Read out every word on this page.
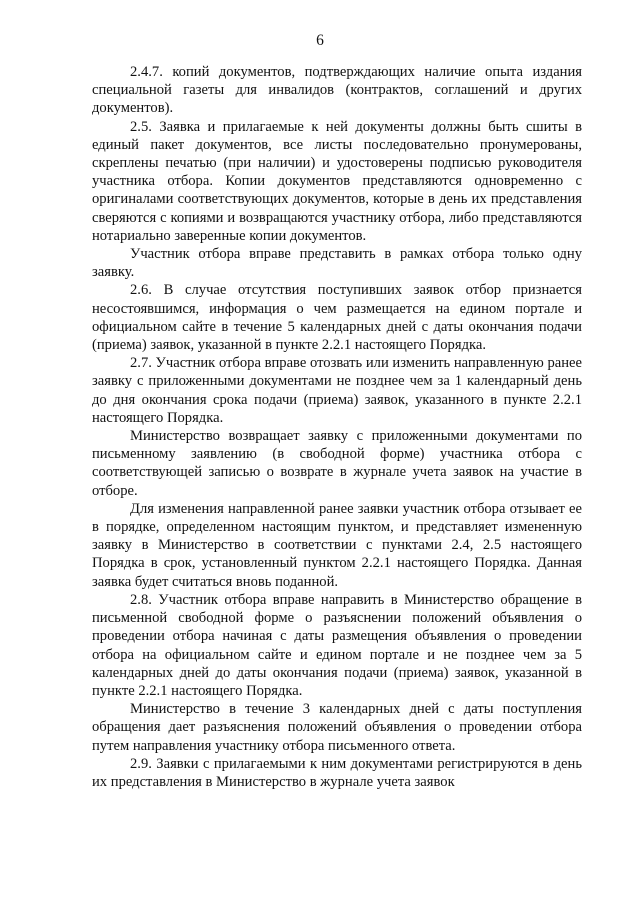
6

2.4.7. копий документов, подтверждающих наличие опыта издания специальной газеты для инвалидов (контрактов, соглашений и других документов).

2.5. Заявка и прилагаемые к ней документы должны быть сшиты в единый пакет документов, все листы последовательно пронумерованы, скреплены печатью (при наличии) и удостоверены подписью руководителя участника отбора. Копии документов представляются одновременно с оригиналами соответствующих документов, которые в день их представления сверяются с копиями и возвращаются участнику отбора, либо представляются нотариально заверенные копии документов.

Участник отбора вправе представить в рамках отбора только одну заявку.

2.6. В случае отсутствия поступивших заявок отбор признается несостоявшимся, информация о чем размещается на едином портале и официальном сайте в течение 5 календарных дней с даты окончания подачи (приема) заявок, указанной в пункте 2.2.1 настоящего Порядка.

2.7. Участник отбора вправе отозвать или изменить направленную ранее заявку с приложенными документами не позднее чем за 1 календарный день до дня окончания срока подачи (приема) заявок, указанного в пункте 2.2.1 настоящего Порядка.

Министерство возвращает заявку с приложенными документами по письменному заявлению (в свободной форме) участника отбора с соответствующей записью о возврате в журнале учета заявок на участие в отборе.

Для изменения направленной ранее заявки участник отбора отзывает ее в порядке, определенном настоящим пунктом, и представляет измененную заявку в Министерство в соответствии с пунктами 2.4, 2.5 настоящего Порядка в срок, установленный пунктом 2.2.1 настоящего Порядка. Данная заявка будет считаться вновь поданной.

2.8. Участник отбора вправе направить в Министерство обращение в письменной свободной форме о разъяснении положений объявления о проведении отбора начиная с даты размещения объявления о проведении отбора на официальном сайте и едином портале и не позднее чем за 5 календарных дней до даты окончания подачи (приема) заявок, указанной в пункте 2.2.1 настоящего Порядка.

Министерство в течение 3 календарных дней с даты поступления обращения дает разъяснения положений объявления о проведении отбора путем направления участнику отбора письменного ответа.

2.9. Заявки с прилагаемыми к ним документами регистрируются в день их представления в Министерство в журнале учета заявок
